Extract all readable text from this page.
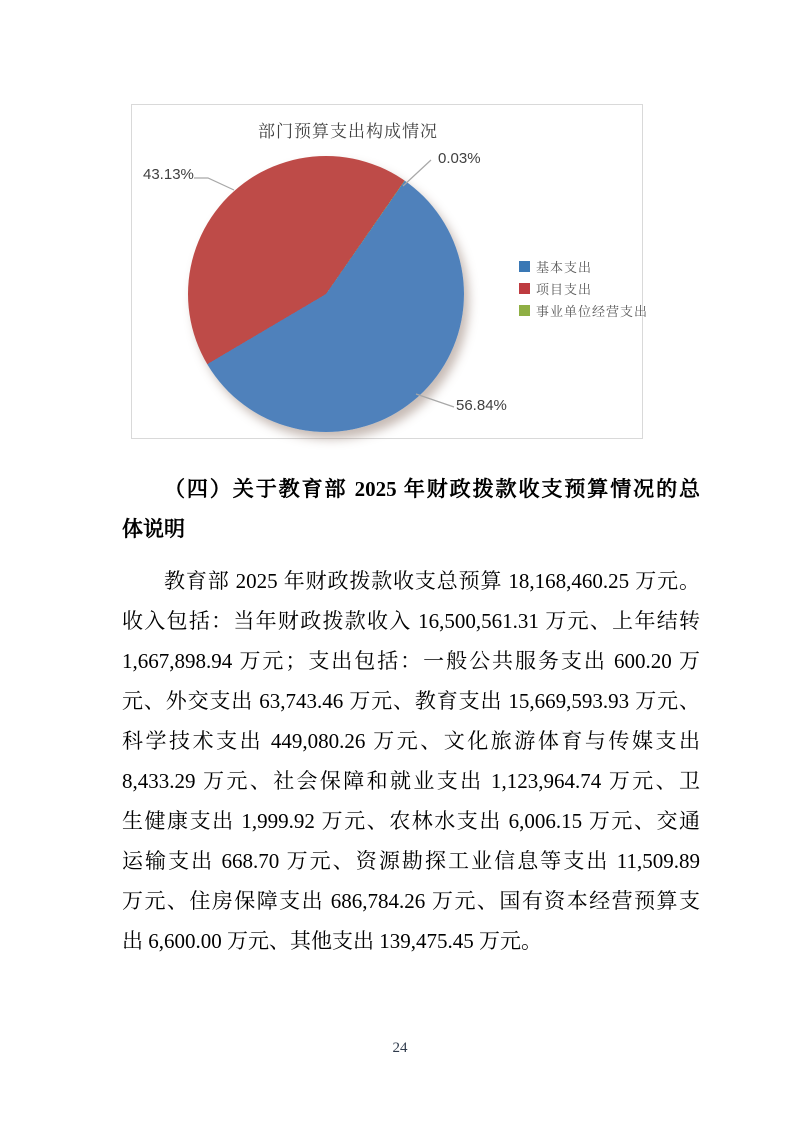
部门预算支出构成情况
43.13%
0.03%
56.84%
基本支出
项目支出
事业单位经营支出
（四）关于教育部 2025 年财政拨款收支预算情况的总
体说明
教育部 2025 年财政拨款收支总预算 18,168,460.25 万元。
收入包括：当年财政拨款收入 16,500,561.31 万元、上年结转
1,667,898.94 万元；支出包括：一般公共服务支出 600.20 万
元、外交支出 63,743.46 万元、教育支出 15,669,593.93 万元、
科学技术支出 449,080.26 万元、文化旅游体育与传媒支出
8,433.29 万元、社会保障和就业支出 1,123,964.74 万元、卫
生健康支出 1,999.92 万元、农林水支出 6,006.15 万元、交通
运输支出 668.70 万元、资源勘探工业信息等支出 11,509.89
万元、住房保障支出 686,784.26 万元、国有资本经营预算支
出 6,600.00 万元、其他支出 139,475.45 万元。
24
